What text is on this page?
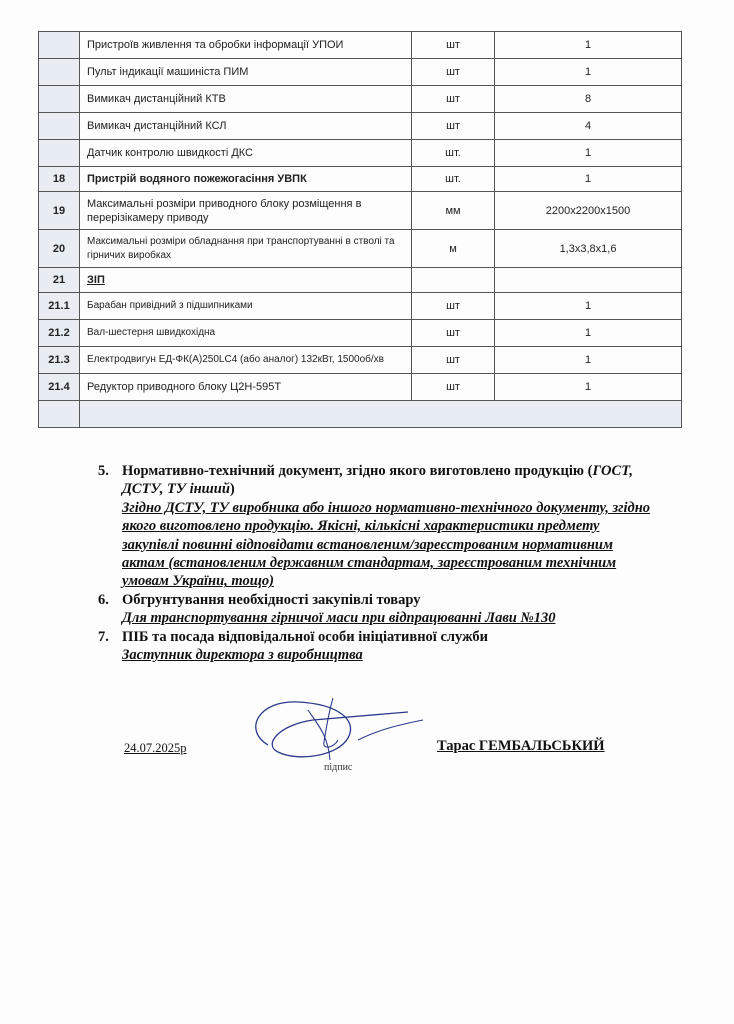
	Пристроїв живлення та обробки інформації УПОИ	шт	1
	Пульт індикації машиніста ПИМ	шт	1
	Вимикач дистанційний КТВ	шт	8
	Вимикач дистанційний КСЛ	шт	4
	Датчик контролю швидкості ДКС	шт.	1
18	Пристрій водяного пожежогасіння УВПК	шт.	1
19	Максимальні розміри приводного блоку розміщення в перерізікамеру приводу	мм	2200х2200х1500
20	Максимальні розміри обладнання при транспортуванні в стволі та гірничих виробках	м	1,3х3,8х1,6
21	ЗІП		
21.1	Барабан привідний з підшипниками	шт	1
21.2	Вал-шестерня швидкохідна	шт	1
21.3	Електродвигун ЕД-ФК(А)250LC4 (або аналог) 132кВт, 1500об/хв	шт	1
21.4	Редуктор приводного блоку Ц2Н-595Т	шт	1

5. Нормативно-технічний документ, згідно якого виготовлено продукцію (ГОСТ, ДСТУ, ТУ інший)
Згідно ДСТУ, ТУ виробника або іншого нормативно-технічного документу, згідно якого виготовлено продукцію. Якісні, кількісні характеристики предмету закупівлі повинні відповідати встановленим/зареєстрованим нормативним актам (встановленим державним стандартам, зареєстрованим технічним умовам України, тощо)
6. Обгрунтування необхідності закупівлі товару
Для транспортування гірничої маси при відпрацюванні Лави №130
7. ПІБ та посада відповідальної особи ініціативної служби
Заступник директора з виробництва
24.07.2025р
підпис
Тарас ГЕМБАЛЬСЬКИЙ
